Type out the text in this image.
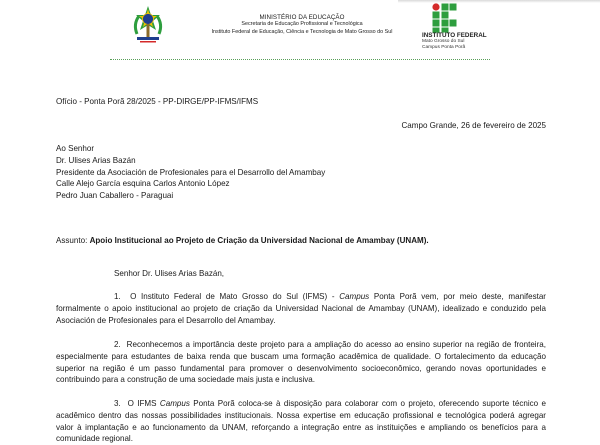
MINISTÉRIO DA EDUCAÇÃO
Secretaria de Educação Profissional e Tecnológica
Instituto Federal de Educação, Ciência e Tecnologia de Mato Grosso do Sul
INSTITUTO FEDERAL
Mato Grosso do Sul
Campus Ponta Porã
Ofício - Ponta Porã 28/2025 - PP-DIRGE/PP-IFMS/IFMS
Campo Grande, 26 de fevereiro de 2025
Ao Senhor
Dr. Ulises Arias Bazán
Presidente da Asociación de Profesionales para el Desarrollo del Amambay
Calle Alejo García esquina Carlos Antonio López
Pedro Juan Caballero - Paraguai
Assunto: Apoio Institucional ao Projeto de Criação da Universidad Nacional de Amambay (UNAM).
Senhor Dr. Ulises Arias Bazán,
1. O Instituto Federal de Mato Grosso do Sul (IFMS) - Campus Ponta Porã vem, por meio deste, manifestar formalmente o apoio institucional ao projeto de criação da Universidad Nacional de Amambay (UNAM), idealizado e conduzido pela Asociación de Profesionales para el Desarrollo del Amambay.
2. Reconhecemos a importância deste projeto para a ampliação do acesso ao ensino superior na região de fronteira, especialmente para estudantes de baixa renda que buscam uma formação acadêmica de qualidade. O fortalecimento da educação superior na região é um passo fundamental para promover o desenvolvimento socioeconômico, gerando novas oportunidades e contribuindo para a construção de uma sociedade mais justa e inclusiva.
3. O IFMS Campus Ponta Porã coloca-se à disposição para colaborar com o projeto, oferecendo suporte técnico e acadêmico dentro das nossas possibilidades institucionais. Nossa expertise em educação profissional e tecnológica poderá agregar valor à implantação e ao funcionamento da UNAM, reforçando a integração entre as instituições e ampliando os benefícios para a comunidade regional.
